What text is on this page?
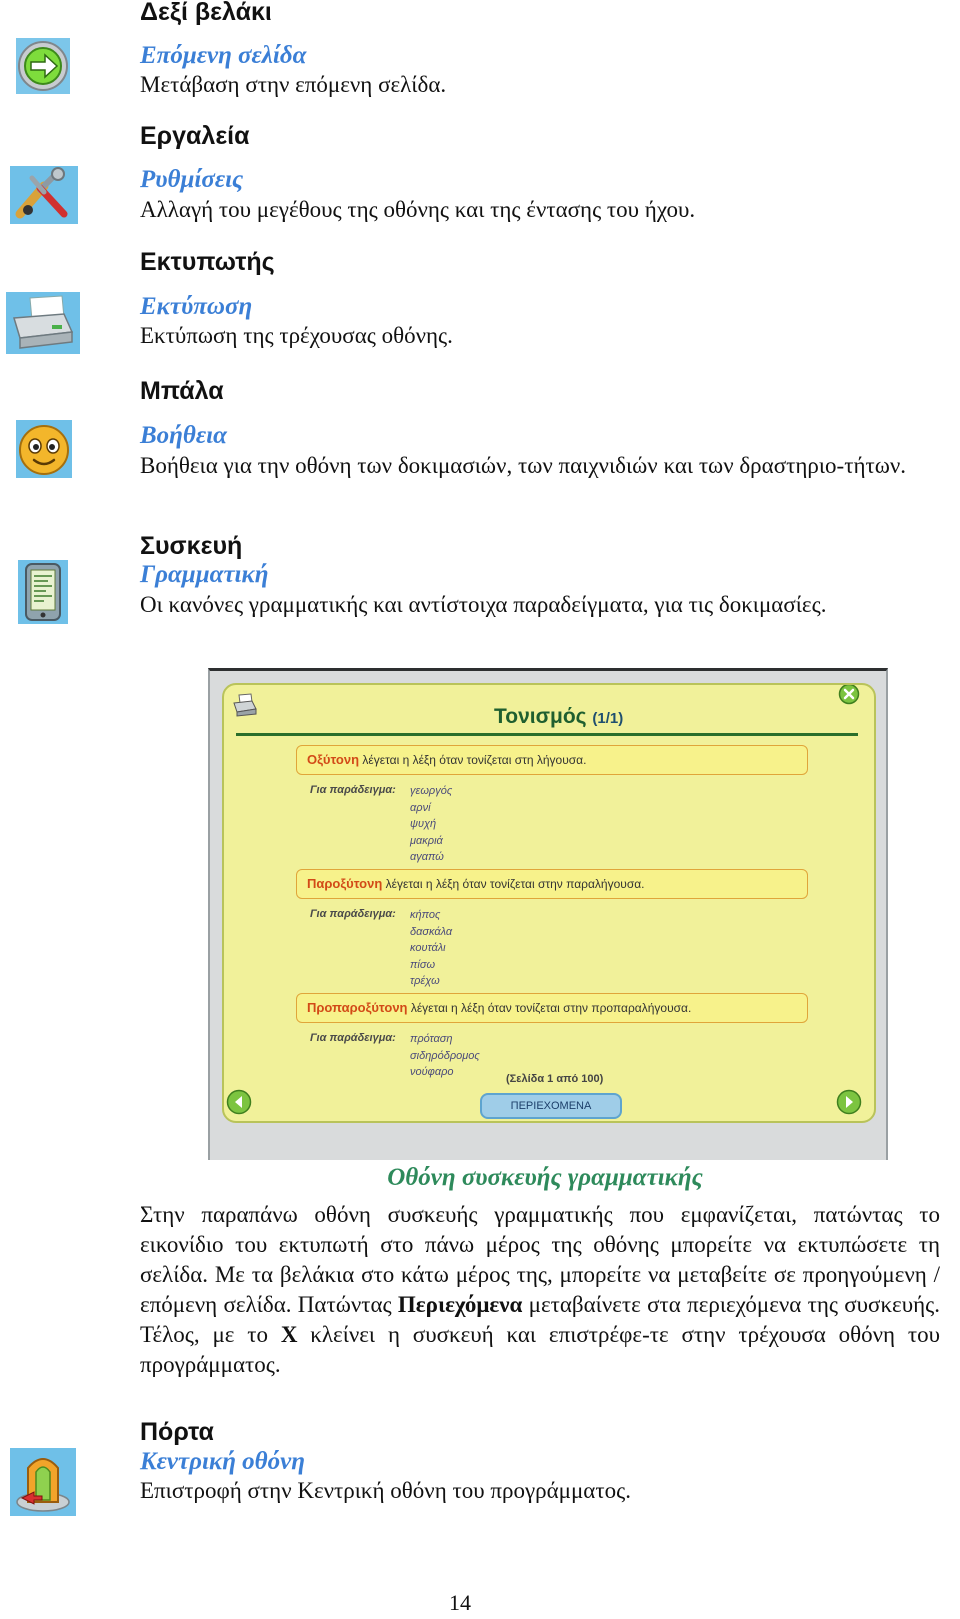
Δεξί βελάκι
Επόμενη σελίδα
Μετάβαση στην επόμενη σελίδα.
Εργαλεία
Ρυθμίσεις
Αλλαγή του μεγέθους της οθόνης και της έντασης του ήχου.
Εκτυπωτής
Εκτύπωση
Εκτύπωση της τρέχουσας οθόνης.
Μπάλα
Βοήθεια
Βοήθεια για την οθόνη των δοκιμασιών, των παιχνιδιών και των δραστηριο-τήτων.
Συσκευή
Γραμματική
Οι κανόνες γραμματικής και αντίστοιχα παραδείγματα, για τις δοκιμασίες.
Τονισμός (1/1)
Οξύτονη λέγεται η λέξη όταν τονίζεται στη λήγουσα.
Για παράδειγμα: γεωργός
αρνί
ψυχή
μακριά
αγαπώ
Παροξύτονη λέγεται η λέξη όταν τονίζεται στην παραλήγουσα.
Για παράδειγμα: κήπος
δασκάλα
κουτάλι
πίσω
τρέχω
Προπαροξύτονη λέγεται η λέξη όταν τονίζεται στην προπαραλήγουσα.
Για παράδειγμα: πρόταση
σιδηρόδρομος
νούφαρο
(Σελίδα 1 από 100)
ΠΕΡΙΕΧΟΜΕΝΑ
Οθόνη συσκευής γραμματικής
Στην παραπάνω οθόνη συσκευής γραμματικής που εμφανίζεται, πατώντας το εικονίδιο του εκτυπωτή στο πάνω μέρος της οθόνης μπορείτε να εκτυπώσετε τη σελίδα. Με τα βελάκια στο κάτω μέρος της, μπορείτε να μεταβείτε σε προηγούμενη / επόμενη σελίδα. Πατώντας Περιεχόμενα μεταβαίνετε στα περιεχόμενα της συσκευής. Τέλος, με το Χ κλείνει η συσκευή και επιστρέφε-τε στην τρέχουσα οθόνη του προγράμματος.
Πόρτα
Κεντρική οθόνη
Επιστροφή στην Κεντρική οθόνη του προγράμματος.
14
